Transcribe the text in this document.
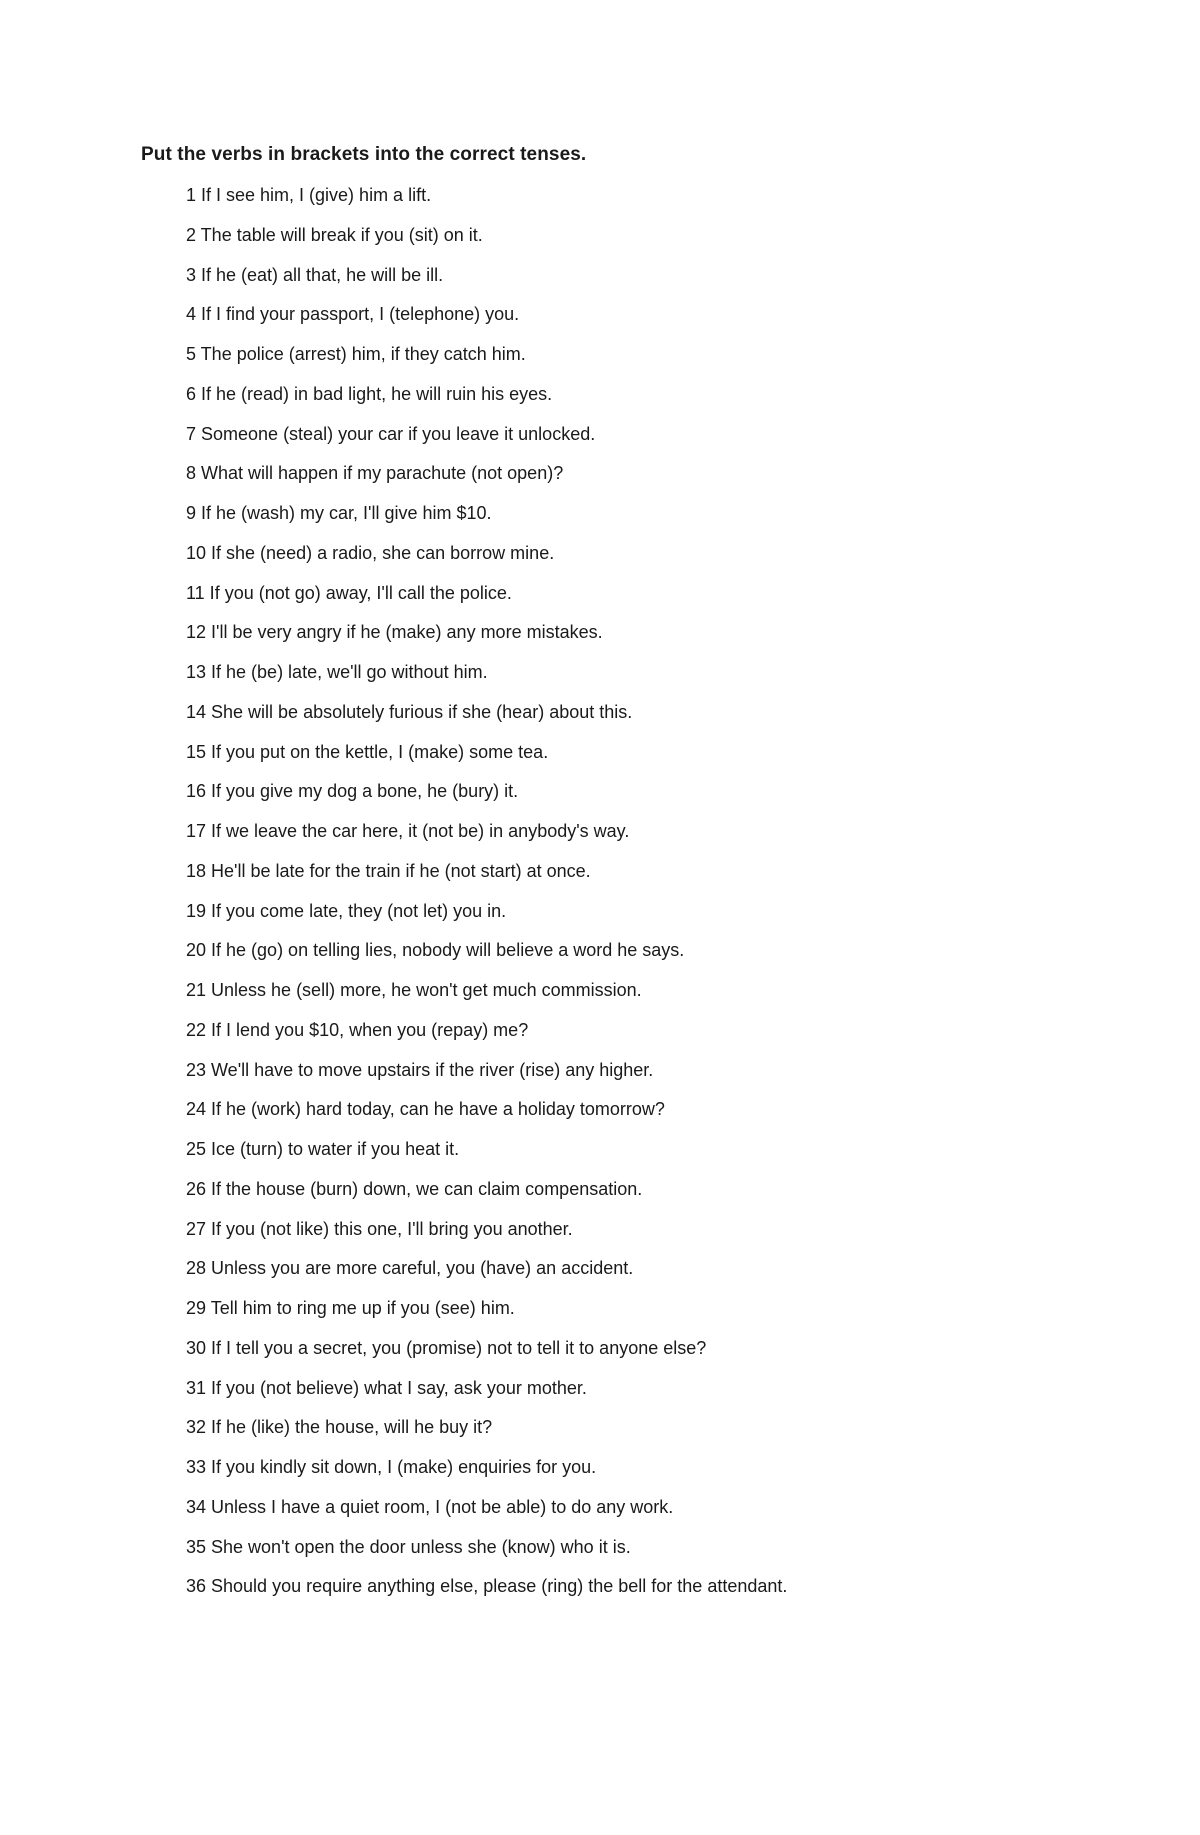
Put the verbs in brackets into the correct tenses.
1 If I see him, I (give) him a lift.
2 The table will break if you (sit) on it.
3 If he (eat) all that, he will be ill.
4 If I find your passport, I (telephone) you.
5 The police (arrest) him, if they catch him.
6 If he (read) in bad light, he will ruin his eyes.
7 Someone (steal) your car if you leave it unlocked.
8 What will happen if my parachute (not open)?
9 If he (wash) my car, I'll give him $10.
10 If she (need) a radio, she can borrow mine.
11 If you (not go) away, I'll call the police.
12 I'll be very angry if he (make) any more mistakes.
13 If he (be) late, we'll go without him.
14 She will be absolutely furious if she (hear) about this.
15 If you put on the kettle, I (make) some tea.
16 If you give my dog a bone, he (bury) it.
17 If we leave the car here, it (not be) in anybody's way.
18 He'll be late for the train if he (not start) at once.
19 If you come late, they (not let) you in.
20 If he (go) on telling lies, nobody will believe a word he says.
21 Unless he (sell) more, he won't get much commission.
22 If I lend you $10, when you (repay) me?
23 We'll have to move upstairs if the river (rise) any higher.
24 If he (work) hard today, can he have a holiday tomorrow?
25 Ice (turn) to water if you heat it.
26 If the house (burn) down, we can claim compensation.
27 If you (not like) this one, I'll bring you another.
28 Unless you are more careful, you (have) an accident.
29 Tell him to ring me up if you (see) him.
30 If I tell you a secret, you (promise) not to tell it to anyone else?
31 If you (not believe) what I say, ask your mother.
32 If he (like) the house, will he buy it?
33 If you kindly sit down, I (make) enquiries for you.
34 Unless I have a quiet room, I (not be able) to do any work.
35 She won't open the door unless she (know) who it is.
36 Should you require anything else, please (ring) the bell for the attendant.
